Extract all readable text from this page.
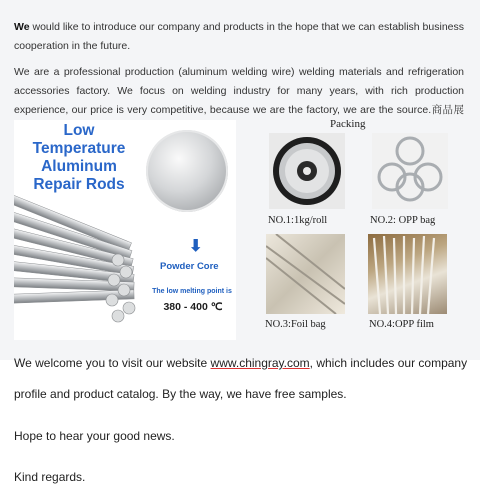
We would like to introduce our company and products in the hope that we can establish business cooperation in the future.
We are a professional production (aluminum welding wire) welding materials and refrigeration accessories factory. We focus on welding industry for many years, with rich production experience, our price is very competitive, because we are the factory, we are the source.商品展
Low
Temperature
Aluminum
Repair Rods
⬇
Powder Core
The low melting point is
380 - 400 ℃
Packing
NO.1:1kg/roll	NO.2: OPP bag
NO.3:Foil bag	NO.4:OPP film
We welcome you to visit our website www.chingray.com, which includes our company
profile and product catalog. By the way, we have free samples.
Hope to hear your good news.
Kind regards.
